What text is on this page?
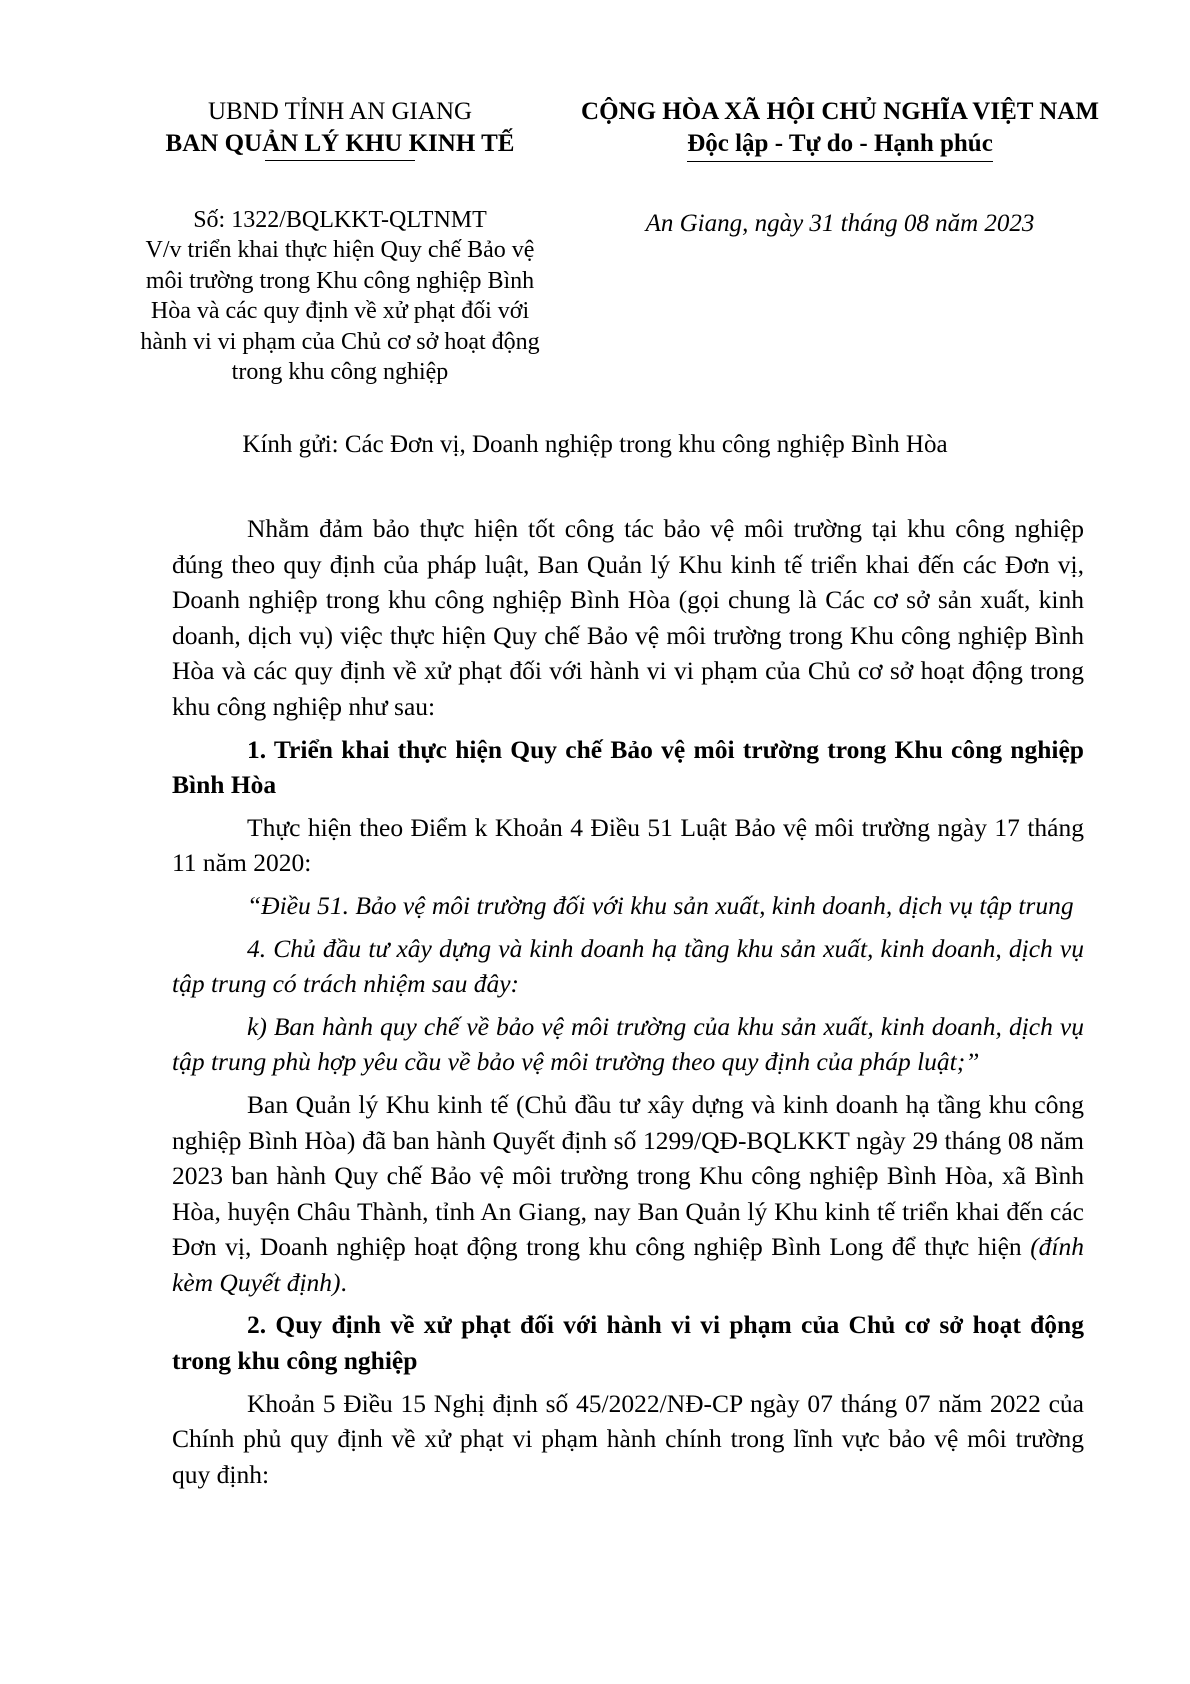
UBND TỈNH AN GIANG
BAN QUẢN LÝ KHU KINH TẾ
Số: 1322/BQLKKT-QLTNMT
V/v triển khai thực hiện Quy chế Bảo vệ môi trường trong Khu công nghiệp Bình Hòa và các quy định về xử phạt đối với hành vi vi phạm của Chủ cơ sở hoạt động trong khu công nghiệp
CỘNG HÒA XÃ HỘI CHỦ NGHĨA VIỆT NAM
Độc lập - Tự do - Hạnh phúc
An Giang, ngày 31 tháng 08 năm 2023
Kính gửi: Các Đơn vị, Doanh nghiệp trong khu công nghiệp Bình Hòa

Nhằm đảm bảo thực hiện tốt công tác bảo vệ môi trường tại khu công nghiệp đúng theo quy định của pháp luật, Ban Quản lý Khu kinh tế triển khai đến các Đơn vị, Doanh nghiệp trong khu công nghiệp Bình Hòa (gọi chung là Các cơ sở sản xuất, kinh doanh, dịch vụ) việc thực hiện Quy chế Bảo vệ môi trường trong Khu công nghiệp Bình Hòa và các quy định về xử phạt đối với hành vi vi phạm của Chủ cơ sở hoạt động trong khu công nghiệp như sau:

1. Triển khai thực hiện Quy chế Bảo vệ môi trường trong Khu công nghiệp Bình Hòa

Thực hiện theo Điểm k Khoản 4 Điều 51 Luật Bảo vệ môi trường ngày 17 tháng 11 năm 2020:

“Điều 51. Bảo vệ môi trường đối với khu sản xuất, kinh doanh, dịch vụ tập trung

4. Chủ đầu tư xây dựng và kinh doanh hạ tầng khu sản xuất, kinh doanh, dịch vụ tập trung có trách nhiệm sau đây:

k) Ban hành quy chế về bảo vệ môi trường của khu sản xuất, kinh doanh, dịch vụ tập trung phù hợp yêu cầu về bảo vệ môi trường theo quy định của pháp luật;”

Ban Quản lý Khu kinh tế (Chủ đầu tư xây dựng và kinh doanh hạ tầng khu công nghiệp Bình Hòa) đã ban hành Quyết định số 1299/QĐ-BQLKKT ngày 29 tháng 08 năm 2023 ban hành Quy chế Bảo vệ môi trường trong Khu công nghiệp Bình Hòa, xã Bình Hòa, huyện Châu Thành, tỉnh An Giang, nay Ban Quản lý Khu kinh tế triển khai đến các Đơn vị, Doanh nghiệp hoạt động trong khu công nghiệp Bình Long để thực hiện (đính kèm Quyết định).

2. Quy định về xử phạt đối với hành vi vi phạm của Chủ cơ sở hoạt động trong khu công nghiệp

Khoản 5 Điều 15 Nghị định số 45/2022/NĐ-CP ngày 07 tháng 07 năm 2022 của Chính phủ quy định về xử phạt vi phạm hành chính trong lĩnh vực bảo vệ môi trường quy định:
